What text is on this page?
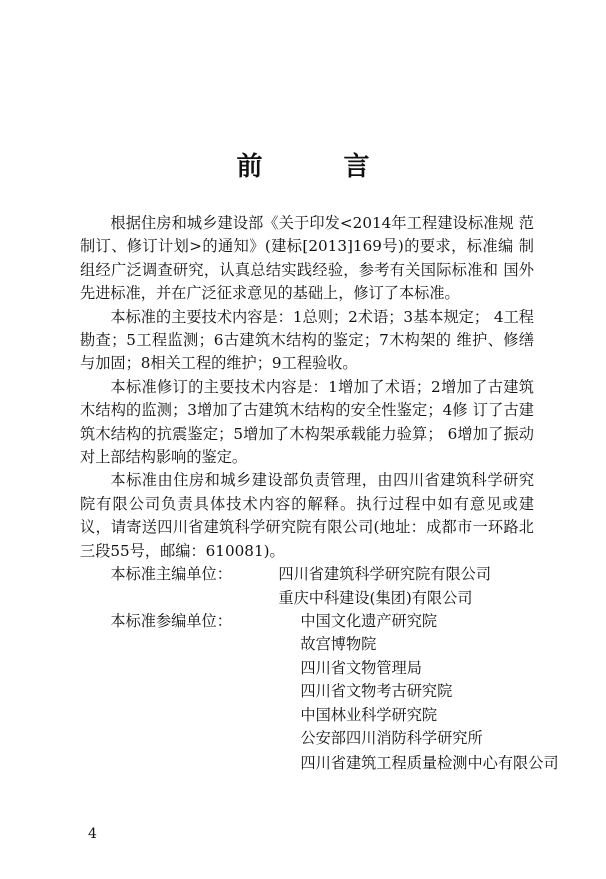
前 言

根据住房和城乡建设部《关于印发<2014年工程建设标准规 范制订、修订计划>的通知》(建标[2013]169号)的要求，标准编 制组经广泛调查研究，认真总结实践经验，参考有关国际标准和 国外先进标准，并在广泛征求意见的基础上，修订了本标准。

本标准的主要技术内容是：1总则；2术语；3基本规定； 4工程勘查；5工程监测；6古建筑木结构的鉴定；7木构架的 维护、修缮与加固；8相关工程的维护；9工程验收。

本标准修订的主要技术内容是：1增加了术语；2增加了古建筑木结构的监测；3增加了古建筑木结构的安全性鉴定；4修 订了古建筑木结构的抗震鉴定；5增加了木构架承载能力验算； 6增加了振动对上部结构影响的鉴定。

本标准由住房和城乡建设部负责管理，由四川省建筑科学研究院有限公司负责具体技术内容的解释。执行过程中如有意见或建议，请寄送四川省建筑科学研究院有限公司(地址：成都市一环路北三段55号，邮编：610081)。

本标准主编单位：	四川省建筑科学研究院有限公司
重庆中科建设(集团)有限公司
本标准参编单位：	中国文化遗产研究院
故宫博物院
四川省文物管理局
四川省文物考古研究院
中国林业科学研究院
公安部四川消防科学研究所
四川省建筑工程质量检测中心有限公司
4
